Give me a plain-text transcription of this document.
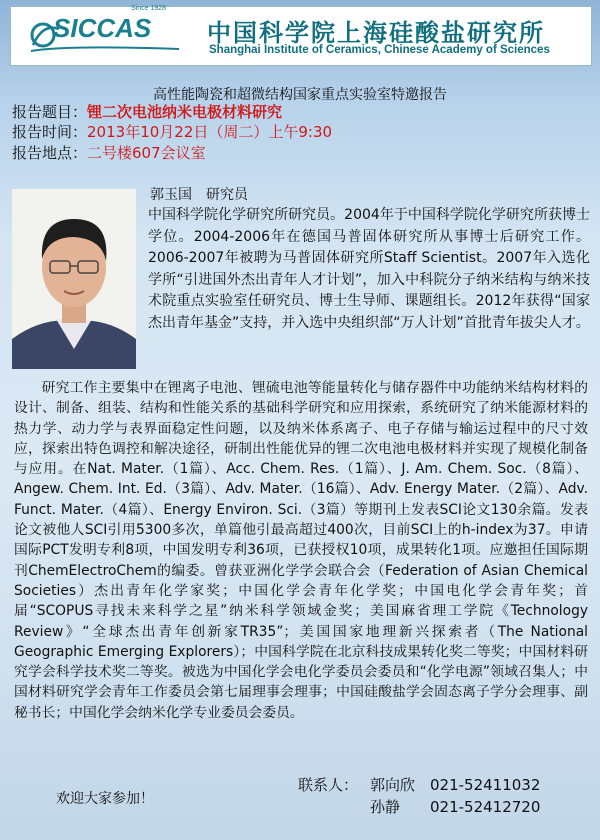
SICCAS
Since 1928
中国科学院上海硅酸盐研究所
Shanghai Institute of Ceramics, Chinese Academy of Sciences
高性能陶瓷和超微结构国家重点实验室特邀报告
报告题目：锂二次电池纳米电极材料研究
报告时间：2013年10月22日（周二）上午9:30
报告地点：二号楼607会议室
郭玉国　研究员
中国科学院化学研究所研究员。2004年于中国科学院化学研究所获博士学位。2004-2006年在德国马普固体研究所从事博士后研究工作。2006-2007年被聘为马普固体研究所Staff Scientist。2007年入选化学所“引进国外杰出青年人才计划”，加入中科院分子纳米结构与纳米技术院重点实验室任研究员、博士生导师、课题组长。2012年获得“国家杰出青年基金”支持，并入选中央组织部“万人计划”首批青年拔尖人才。
研究工作主要集中在锂离子电池、锂硫电池等能量转化与储存器件中功能纳米结构材料的设计、制备、组装、结构和性能关系的基础科学研究和应用探索，系统研究了纳米能源材料的热力学、动力学与表界面稳定性问题，以及纳米体系离子、电子存储与输运过程中的尺寸效应，探索出特色调控和解决途径，研制出性能优异的锂二次电池电极材料并实现了规模化制备与应用。在Nat. Mater.（1篇）、Acc. Chem. Res.（1篇）、J. Am. Chem. Soc.（8篇）、Angew. Chem. Int. Ed.（3篇）、Adv. Mater.（16篇）、Adv. Energy Mater.（2篇）、Adv. Funct. Mater.（4篇）、Energy Environ. Sci.（3篇）等期刊上发表SCI论文130余篇。发表论文被他人SCI引用5300多次，单篇他引最高超过400次，目前SCI上的h-index为37。申请国际PCT发明专利8项，中国发明专利36项，已获授权10项，成果转化1项。应邀担任国际期刊ChemElectroChem的编委。曾获亚洲化学学会联合会（Federation of Asian Chemical Societies）杰出青年化学家奖；中国化学会青年化学奖；中国电化学会青年奖；首届“SCOPUS寻找未来科学之星”纳米科学领域金奖；美国麻省理工学院《Technology Review》“全球杰出青年创新家TR35”；美国国家地理新兴探索者（The National Geographic Emerging Explorers）；中国科学院在北京科技成果转化奖二等奖；中国材料研究学会科学技术奖二等奖。被选为中国化学会电化学委员会委员和“化学电源”领域召集人；中国材料研究学会青年工作委员会第七届理事会理事；中国硅酸盐学会固态离子学分会理事、副秘书长；中国化学会纳米化学专业委员会委员。
欢迎大家参加！
联系人： 郭向欣 021-52411032
孙静 021-52412720
